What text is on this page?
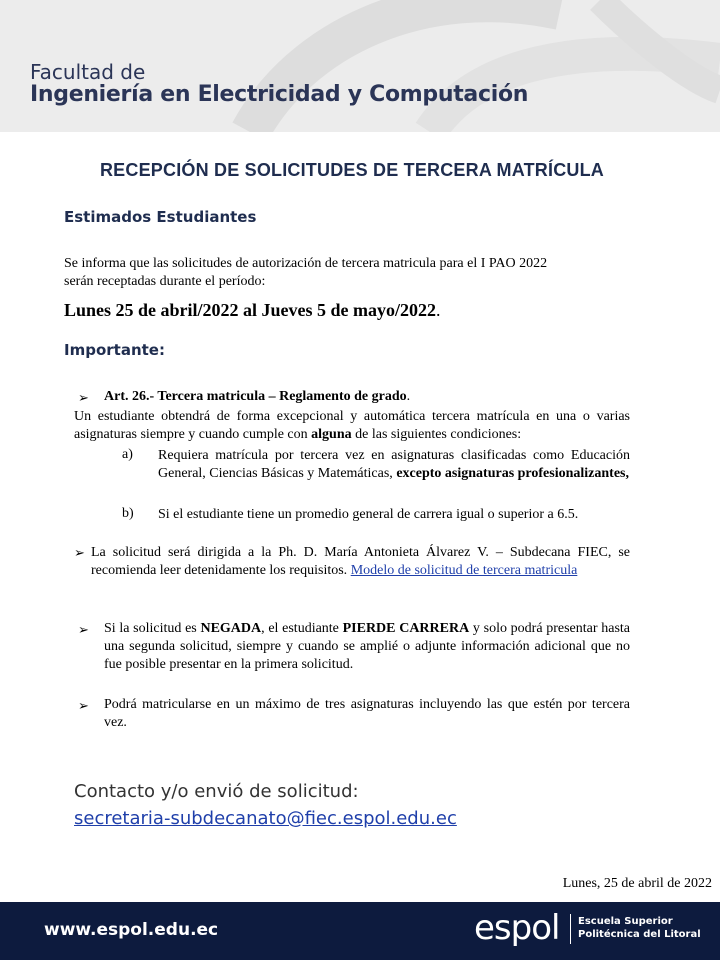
Facultad de
Ingeniería en Electricidad y Computación
RECEPCIÓN DE SOLICITUDES DE TERCERA MATRÍCULA
Estimados Estudiantes
Se informa que las solicitudes de autorización de tercera matricula para el I PAO 2022
serán receptadas durante el período:
Lunes 25 de abril/2022 al Jueves 5 de mayo/2022.
Importante:
➢ Art. 26.- Tercera matricula – Reglamento de grado.
Un estudiante obtendrá de forma excepcional y automática tercera matrícula en una o varias asignaturas siempre y cuando cumple con alguna de las siguientes condiciones:
a) Requiera matrícula por tercera vez en asignaturas clasificadas como Educación General, Ciencias Básicas y Matemáticas, excepto asignaturas profesionalizantes,
b) Si el estudiante tiene un promedio general de carrera igual o superior a 6.5.
➢ La solicitud será dirigida a la Ph. D. María Antonieta Álvarez V. – Subdecana FIEC, se recomienda leer detenidamente los requisitos. Modelo de solicitud de tercera matricula
➢ Si la solicitud es NEGADA, el estudiante PIERDE CARRERA y solo podrá presentar hasta una segunda solicitud, siempre y cuando se amplié o adjunte información adicional que no fue posible presentar en la primera solicitud.
➢ Podrá matricularse en un máximo de tres asignaturas incluyendo las que estén por tercera vez.
Contacto y/o envió de solicitud:
secretaria-subdecanato@fiec.espol.edu.ec
Lunes, 25 de abril de 2022
www.espol.edu.ec	espol Escuela Superior
Politécnica del Litoral
